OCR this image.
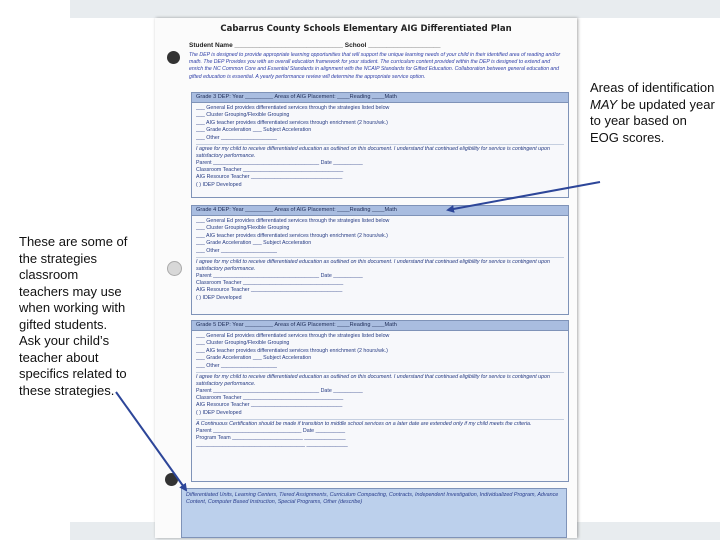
Cabarrus County Schools Elementary AIG Differentiated Plan
Student Name ______________________________ School ____________________
The DEP is designed to provide appropriate learning opportunities that will support the unique learning needs of your child in their identified area of reading and/or math. The DEP Provides you with an overall education framework for your student. The curriculum content provided within the DEP is designed to extend and enrich the NC Common Core and Essential Standards in alignment with the NCAIP Standards for Gifted Education. Collaboration between general education and gifted education is essential. A yearly performance review will determine the appropriate service option.
Grade 3 DEP: Year _________ Areas of AIG Placement: ____Reading ____Math
___ General Ed provides differentiated services through the strategies listed below
___ Cluster Grouping/Flexible Grouping
___ AIG teacher provides differentiated services through enrichment (2 hours/wk.)
___ Grade Acceleration ___ Subject Acceleration
___ Other ___________________
I agree for my child to receive differentiated education as outlined on this document. I understand that continued eligibility for service is contingent upon satisfactory performance.
Parent ____________________________________ Date __________
Classroom Teacher __________________________________
AIG Resource Teacher _______________________________
( ) IDEP Developed
Grade 4 DEP: Year _________ Areas of AIG Placement: ____Reading ____Math
___ General Ed provides differentiated services through the strategies listed below
___ Cluster Grouping/Flexible Grouping
___ AIG teacher provides differentiated services through enrichment (2 hours/wk.)
___ Grade Acceleration ___ Subject Acceleration
___ Other ___________________
I agree for my child to receive differentiated education as outlined on this document. I understand that continued eligibility for service is contingent upon satisfactory performance.
Parent ____________________________________ Date __________
Classroom Teacher __________________________________
AIG Resource Teacher _______________________________
( ) IDEP Developed
Grade 5 DEP: Year _________ Areas of AIG Placement: ____Reading ____Math
___ General Ed provides differentiated services through the strategies listed below
___ Cluster Grouping/Flexible Grouping
___ AIG teacher provides differentiated services through enrichment (2 hours/wk.)
___ Grade Acceleration ___ Subject Acceleration
___ Other ___________________
I agree for my child to receive differentiated education as outlined on this document. I understand that continued eligibility for service is contingent upon satisfactory performance.
Parent ____________________________________ Date __________
Classroom Teacher __________________________________
AIG Resource Teacher _______________________________
( ) IDEP Developed
A Continuous Certification should be made if transition to middle school services on a later date are extended only if my child meets the criteria.
Parent ______________________________ Date __________
Program Team ________________________ ______________
_____________________________________ ______________
Differentiated Units, Learning Centers, Tiered Assignments, Curriculum Compacting, Contracts, Independent Investigation, Individualized Program, Advance Content, Computer Based Instruction, Special Programs, Other (describe)
Areas of identification MAY be updated year to year based on EOG scores.
These are some of the strategies classroom teachers may use when working with gifted students. Ask your child’s teacher about specifics related to these strategies.
